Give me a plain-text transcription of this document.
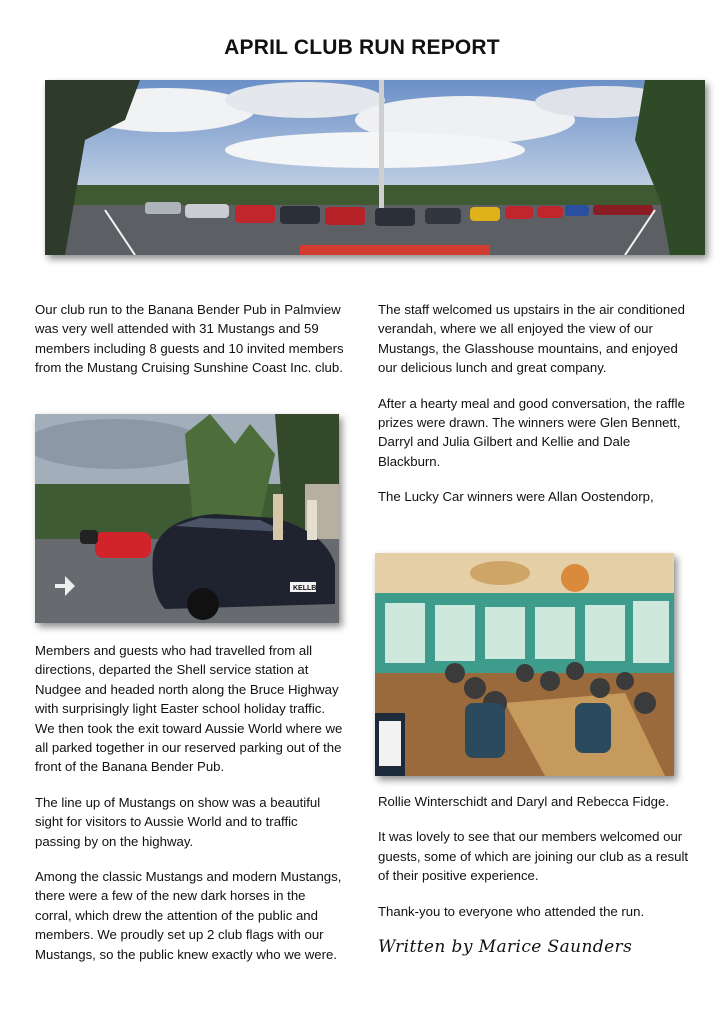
APRIL CLUB RUN REPORT
KELLB

Our club run to the Banana Bender Pub in Palmview was very well attended with 31 Mustangs and 59 members including 8 guests and 10 invited members from the Mustang Cruising Sunshine Coast Inc. club.

Members and guests who had travelled from all directions, departed the Shell service station at Nudgee and headed north along the Bruce Highway with surprisingly light Easter school holiday traffic. We then took the exit toward Aussie World where we all parked together in our reserved parking out of the front of the Banana Bender Pub.

The line up of Mustangs on show was a beautiful sight for visitors to Aussie World and to traffic passing by on the highway.

Among the classic Mustangs and modern Mustangs, there were a few of the new dark horses in the corral, which drew the attention of the public and members. We proudly set up 2 club flags with our Mustangs, so the public knew exactly who we were.

The staff welcomed us upstairs in the air conditioned verandah, where we all enjoyed the view of our Mustangs, the Glasshouse mountains, and enjoyed our delicious lunch and great company.

After a hearty meal and good conversation, the raffle prizes were drawn. The winners were Glen Bennett, Darryl and Julia Gilbert and Kellie and Dale Blackburn.

The Lucky Car winners were Allan Oostendorp,

Rollie Winterschidt and Daryl and Rebecca Fidge.

It was lovely to see that our members welcomed our guests, some of which are joining our club as a result of their positive experience.

Thank-you to everyone who attended the run.

Written by Marice Saunders
